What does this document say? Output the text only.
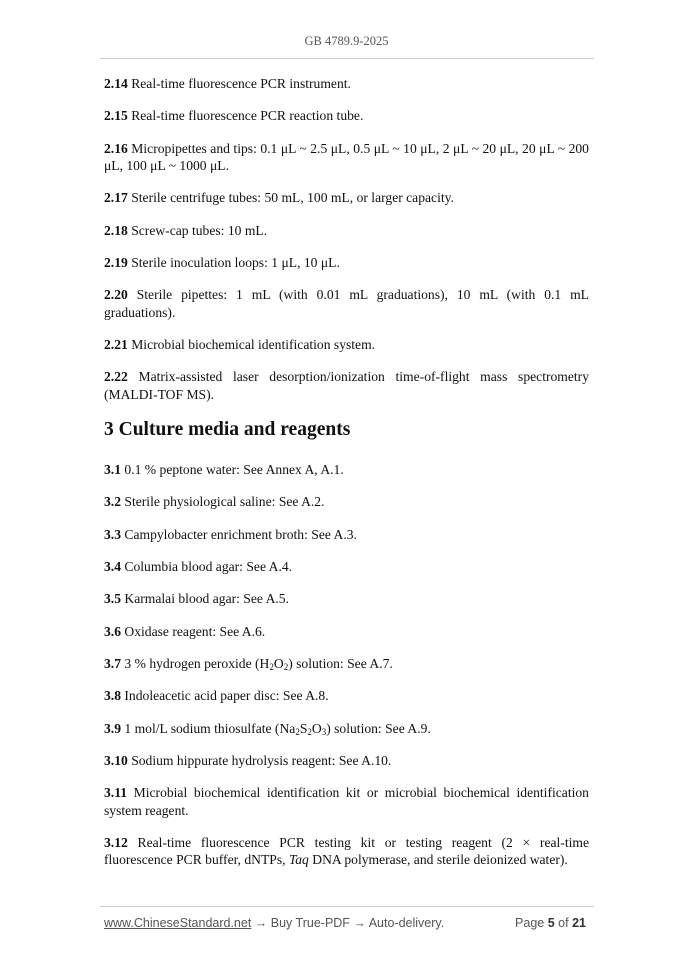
GB 4789.9-2025

2.14 Real-time fluorescence PCR instrument.

2.15 Real-time fluorescence PCR reaction tube.

2.16 Micropipettes and tips: 0.1 μL ~ 2.5 μL, 0.5 μL ~ 10 μL, 2 μL ~ 20 μL, 20 μL ~ 200 μL, 100 μL ~ 1000 μL.

2.17 Sterile centrifuge tubes: 50 mL, 100 mL, or larger capacity.

2.18 Screw-cap tubes: 10 mL.

2.19 Sterile inoculation loops: 1 μL, 10 μL.

2.20 Sterile pipettes: 1 mL (with 0.01 mL graduations), 10 mL (with 0.1 mL graduations).

2.21 Microbial biochemical identification system.

2.22 Matrix-assisted laser desorption/ionization time-of-flight mass spectrometry (MALDI-TOF MS).

3 Culture media and reagents

3.1 0.1 % peptone water: See Annex A, A.1.

3.2 Sterile physiological saline: See A.2.

3.3 Campylobacter enrichment broth: See A.3.

3.4 Columbia blood agar: See A.4.

3.5 Karmalai blood agar: See A.5.

3.6 Oxidase reagent: See A.6.

3.7 3 % hydrogen peroxide $(H_2O_2)$ solution: See A.7.

3.8 Indoleacetic acid paper disc: See A.8.

3.9 1 mol/L sodium thiosulfate $(Na_2S_2O_3)$ solution: See A.9.

3.10 Sodium hippurate hydrolysis reagent: See A.10.

3.11 Microbial biochemical identification kit or microbial biochemical identification system reagent.

3.12 Real-time fluorescence PCR testing kit or testing reagent (2 × real-time fluorescence PCR buffer, dNTPs, Taq DNA polymerase, and sterile deionized water).

www.ChineseStandard.net → Buy True-PDF → Auto-delivery.	Page 5 of 21
